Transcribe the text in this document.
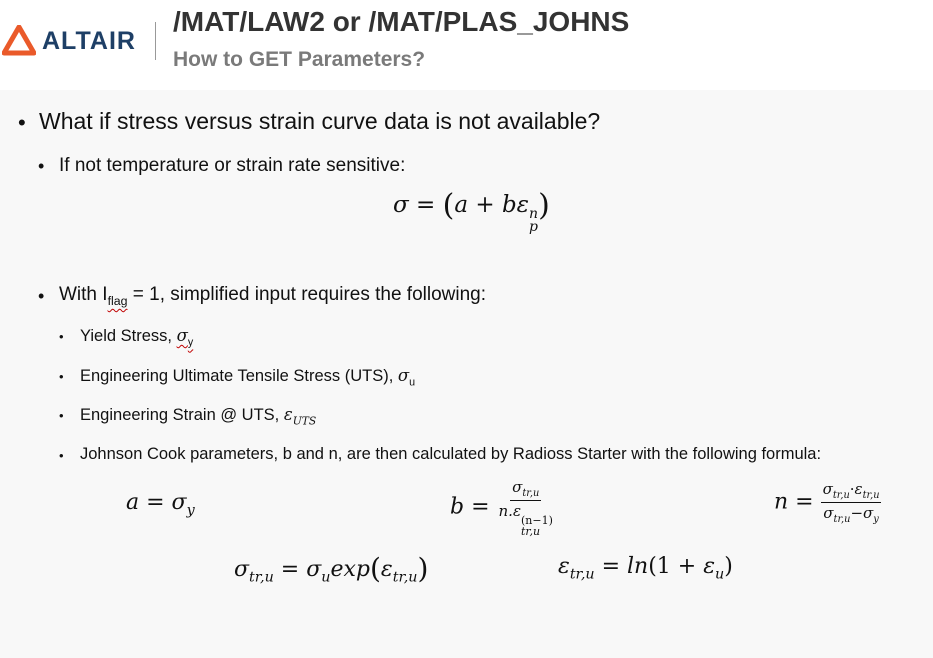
ALTAIR
/MAT/LAW2 or /MAT/PLAS_JOHNS
How to GET Parameters?
• What if stress versus strain curve data is not available?
• If not temperature or strain rate sensitive:
σ = (a + bε n
p
)
• With $I_{flag} = 1$, simplified input requires the following:
• Yield Stress, $\sigma_y$
• Engineering Ultimate Tensile Stress (UTS), $\sigma_u$
• Engineering Strain @ UTS, $\varepsilon_{UTS}$
• Johnson Cook parameters, b and n, are then calculated by Radioss Starter with the following formula:
$a = \sigma_y$	$b = \sigma_{tr,u}$
n.ε
(n−1)
tr,u	$n = \frac{\sigma_{tr,u}\cdot\varepsilon_{tr,u}}{\sigma_{tr,u}-\sigma_y}$
$\sigma_{tr,u} = \sigma_u\exp(\varepsilon_{tr,u})$	$\varepsilon_{tr,u} = \ln(1 + \varepsilon_u)$
